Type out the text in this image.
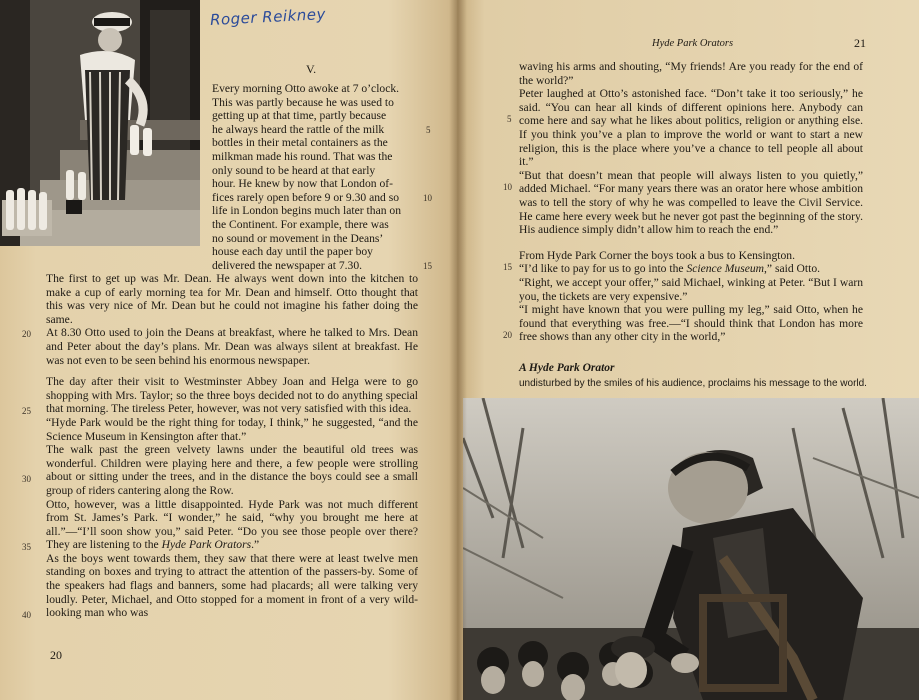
Roger Reikney
V.

Every morning Otto awoke at 7 o’clock.

This was partly because he was used to

getting up at that time, partly because

he always heard the rattle of the milk

bottles in their metal containers as the

milkman made his round. That was the

only sound to be heard at that early

hour. He knew by now that London of-

fices rarely open before 9 or 9.30 and so

life in London begins much later than on

the Continent. For example, there was

no sound or movement in the Deans’

house each day until the paper boy

delivered the newspaper at 7.30.

The first to get up was Mr. Dean. He always went down into the kitchen to make a cup of early morning tea for Mr. Dean and himself. Otto thought that this was very nice of Mr. Dean but he could not imagine his father doing the same.

At 8.30 Otto used to join the Deans at breakfast, where he talked to Mrs. Dean and Peter about the day’s plans. Mr. Dean was always silent at breakfast. He was not even to be seen behind his enormous newspaper.

The day after their visit to Westminster Abbey Joan and Helga were to go shopping with Mrs. Taylor; so the three boys decided not to do anything special that morning. The tireless Peter, however, was not very satisfied with this idea.

“Hyde Park would be the right thing for today, I think,” he suggested, “and the Science Museum in Kensington after that.”

The walk past the green velvety lawns under the beautiful old trees was wonderful. Children were playing here and there, a few people were strolling about or sitting under the trees, and in the distance the boys could see a small group of riders cantering along the Row.

Otto, however, was a little disappointed. Hyde Park was not much different from St. James’s Park. “I wonder,” he said, “why you brought me here at all.”—“I’ll soon show you,” said Peter. “Do you see those people over there? They are listening to the Hyde Park Orators.”

As the boys went towards them, they saw that there were at least twelve men standing on boxes and trying to attract the attention of the passers-by. Some of the speakers had flags and banners, some had placards; all were talking very loudly. Peter, Michael, and Otto stopped for a moment in front of a very wild-looking man who was

5
10
15
20
25
30
35
40
20
Hyde Park Orators	21

waving his arms and shouting, “My friends! Are you ready for the end of the world?”

Peter laughed at Otto’s astonished face. “Don’t take it too seriously,” he said. “You can hear all kinds of different opinions here. Anybody can come here and say what he likes about politics, religion or anything else. If you think you’ve a plan to improve the world or want to start a new religion, this is the place where you’ve a chance to tell people all about it.”

“But that doesn’t mean that people will always listen to you quietly,” added Michael. “For many years there was an orator here whose ambition was to tell the story of why he was compelled to leave the Civil Service. He came here every week but he never got past the beginning of the story. His audience simply didn’t allow him to reach the end.”

From Hyde Park Corner the boys took a bus to Kensington.

“I’d like to pay for us to go into the Science Museum,” said Otto.

“Right, we accept your offer,” said Michael, winking at Peter. “But I warn you, the tickets are very expensive.”

“I might have known that you were pulling my leg,” said Otto, when he found that everything was free.—“I should think that London has more free shows than any other city in the world,”

5
10
15
20
A Hyde Park Orator
undisturbed by the smiles of his audience, proclaims his message to the world.
